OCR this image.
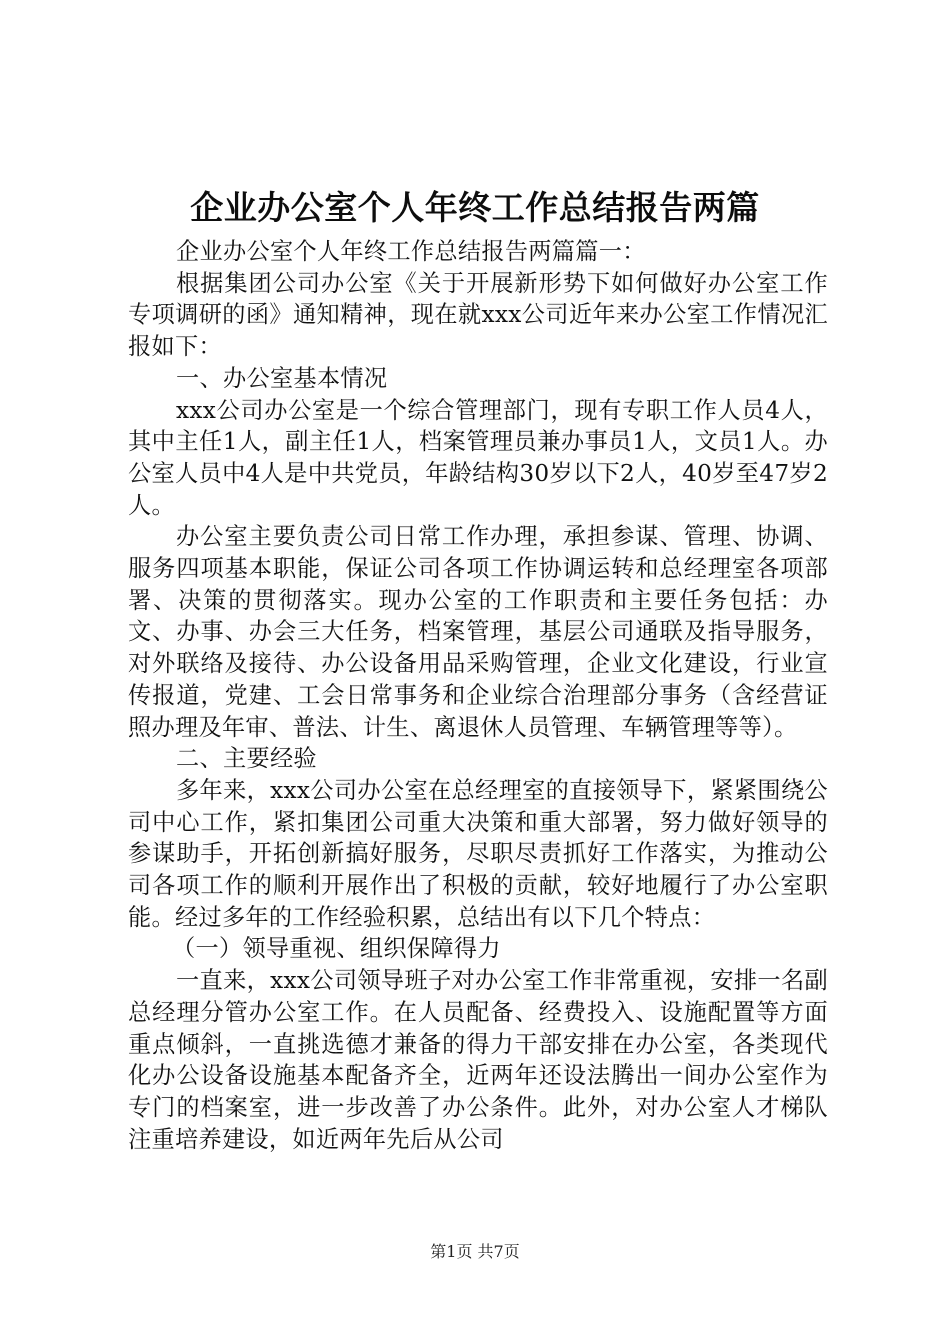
企业办公室个人年终工作总结报告两篇

企业办公室个人年终工作总结报告两篇篇一：

根据集团公司办公室《关于开展新形势下如何做好办公室工作专项调研的函》通知精神，现在就xxx公司近年来办公室工作情况汇报如下：

一、办公室基本情况

xxx公司办公室是一个综合管理部门，现有专职工作人员4人，其中主任1人，副主任1人，档案管理员兼办事员1人，文员1人。办公室人员中4人是中共党员，年龄结构30岁以下2人，40岁至47岁2人。

办公室主要负责公司日常工作办理，承担参谋、管理、协调、服务四项基本职能，保证公司各项工作协调运转和总经理室各项部署、决策的贯彻落实。现办公室的工作职责和主要任务包括：办文、办事、办会三大任务，档案管理，基层公司通联及指导服务，对外联络及接待、办公设备用品采购管理，企业文化建设，行业宣传报道，党建、工会日常事务和企业综合治理部分事务（含经营证照办理及年审、普法、计生、离退休人员管理、车辆管理等等）。

二、主要经验

多年来，xxx公司办公室在总经理室的直接领导下，紧紧围绕公司中心工作，紧扣集团公司重大决策和重大部署，努力做好领导的参谋助手，开拓创新搞好服务，尽职尽责抓好工作落实，为推动公司各项工作的顺利开展作出了积极的贡献，较好地履行了办公室职能。经过多年的工作经验积累，总结出有以下几个特点：

（一）领导重视、组织保障得力

一直来，xxx公司领导班子对办公室工作非常重视，安排一名副总经理分管办公室工作。在人员配备、经费投入、设施配置等方面重点倾斜，一直挑选德才兼备的得力干部安排在办公室，各类现代化办公设备设施基本配备齐全，近两年还设法腾出一间办公室作为专门的档案室，进一步改善了办公条件。此外，对办公室人才梯队注重培养建设，如近两年先后从公司

第1页 共7页
